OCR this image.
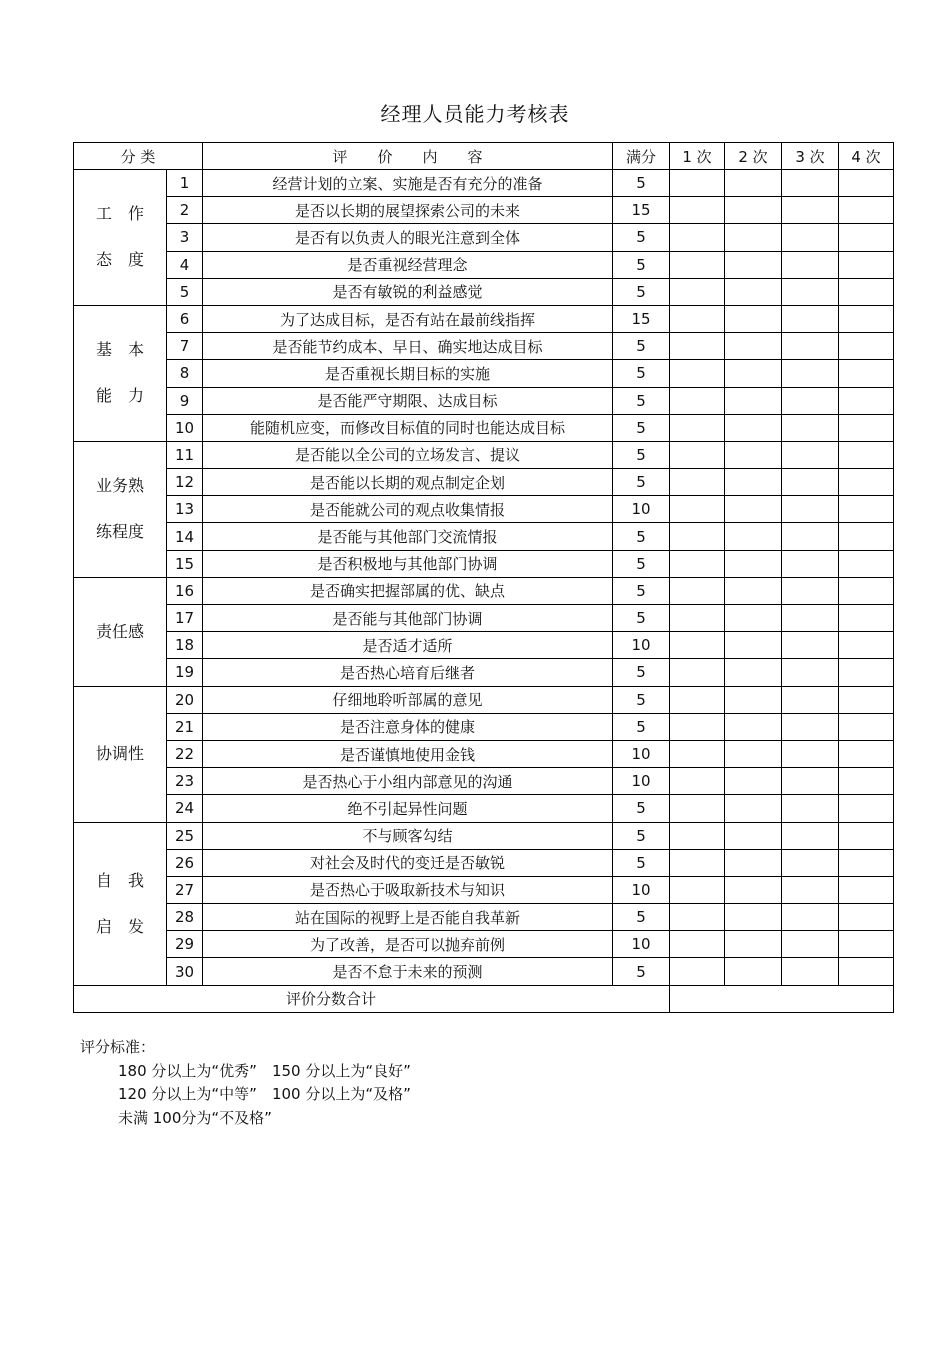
经理人员能力考核表
分 类		评　　价　　内　　容	满分	1 次	2 次	3 次	4 次
工　作
态　度	1	经营计划的立案、实施是否有充分的准备	5				
	2	是否以长期的展望探索公司的未来	15				
	3	是否有以负责人的眼光注意到全体	5				
	4	是否重视经营理念	5				
	5	是否有敏锐的利益感觉	5				
基　本
能　力	6	为了达成目标，是否有站在最前线指挥	15				
	7	是否能节约成本、早日、确实地达成目标	5				
	8	是否重视长期目标的实施	5				
	9	是否能严守期限、达成目标	5				
	10	能随机应变，而修改目标值的同时也能达成目标	5				
业务熟
练程度	11	是否能以全公司的立场发言、提议	5				
	12	是否能以长期的观点制定企划	5				
	13	是否能就公司的观点收集情报	10				
	14	是否能与其他部门交流情报	5				
	15	是否积极地与其他部门协调	5				
责任感	16	是否确实把握部属的优、缺点	5				
	17	是否能与其他部门协调	5				
	18	是否适才适所	10				
	19	是否热心培育后继者	5				
协调性	20	仔细地聆听部属的意见	5				
	21	是否注意身体的健康	5				
	22	是否谨慎地使用金钱	10				
	23	是否热心于小组内部意见的沟通	10				
	24	绝不引起异性问题	5				
自　我
启　发	25	不与顾客勾结	5				
	26	对社会及时代的变迁是否敏锐	5				
	27	是否热心于吸取新技术与知识	10				
	28	站在国际的视野上是否能自我革新	5				
	29	为了改善，是否可以抛弃前例	10				
	30	是否不怠于未来的预测	5				
评价分数合计							
评分标准：
180 分以上为“优秀”　150 分以上为“良好”
120 分以上为“中等”　100 分以上为“及格”
未满 100分为“不及格”
